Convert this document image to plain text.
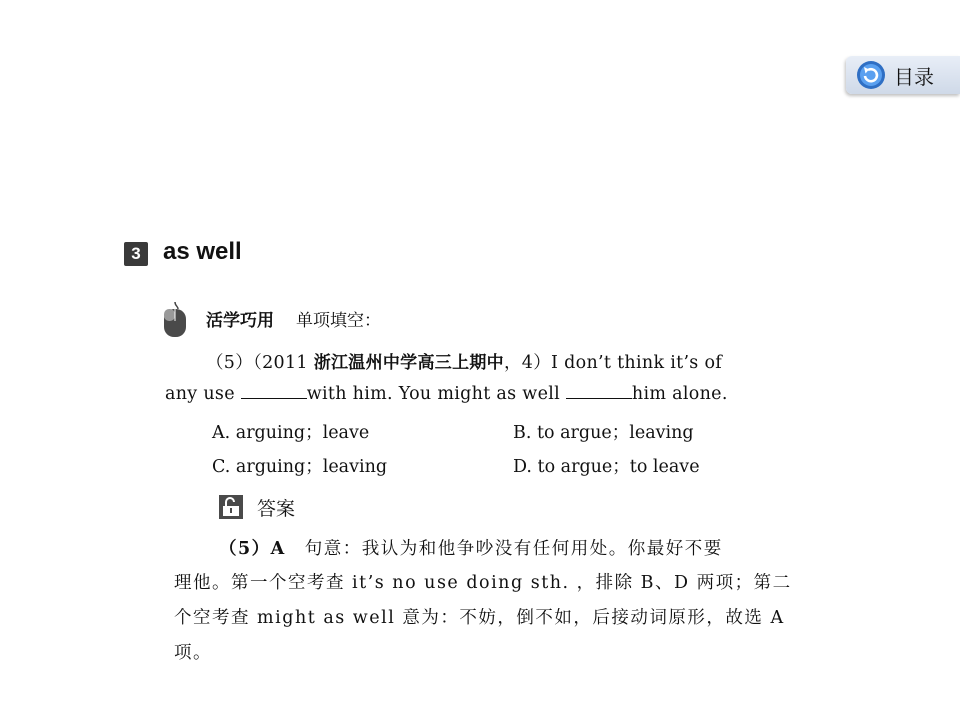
目录
3 as well
活学巧用 单项填空：
（5）（2011 浙江温州中学高三上期中，4）I don’t think it’s of
any use	with him. You might as well	him alone.
A. arguing；leave	B. to argue；leaving
C. arguing；leaving	D. to argue；to leave
答案
（5）A　句意：我认为和他争吵没有任何用处。你最好不要
理他。第一个空考查 it’s no use doing sth. ，排除 B、D 两项；第二
个空考查 might as well 意为：不妨，倒不如，后接动词原形，故选 A
项。
